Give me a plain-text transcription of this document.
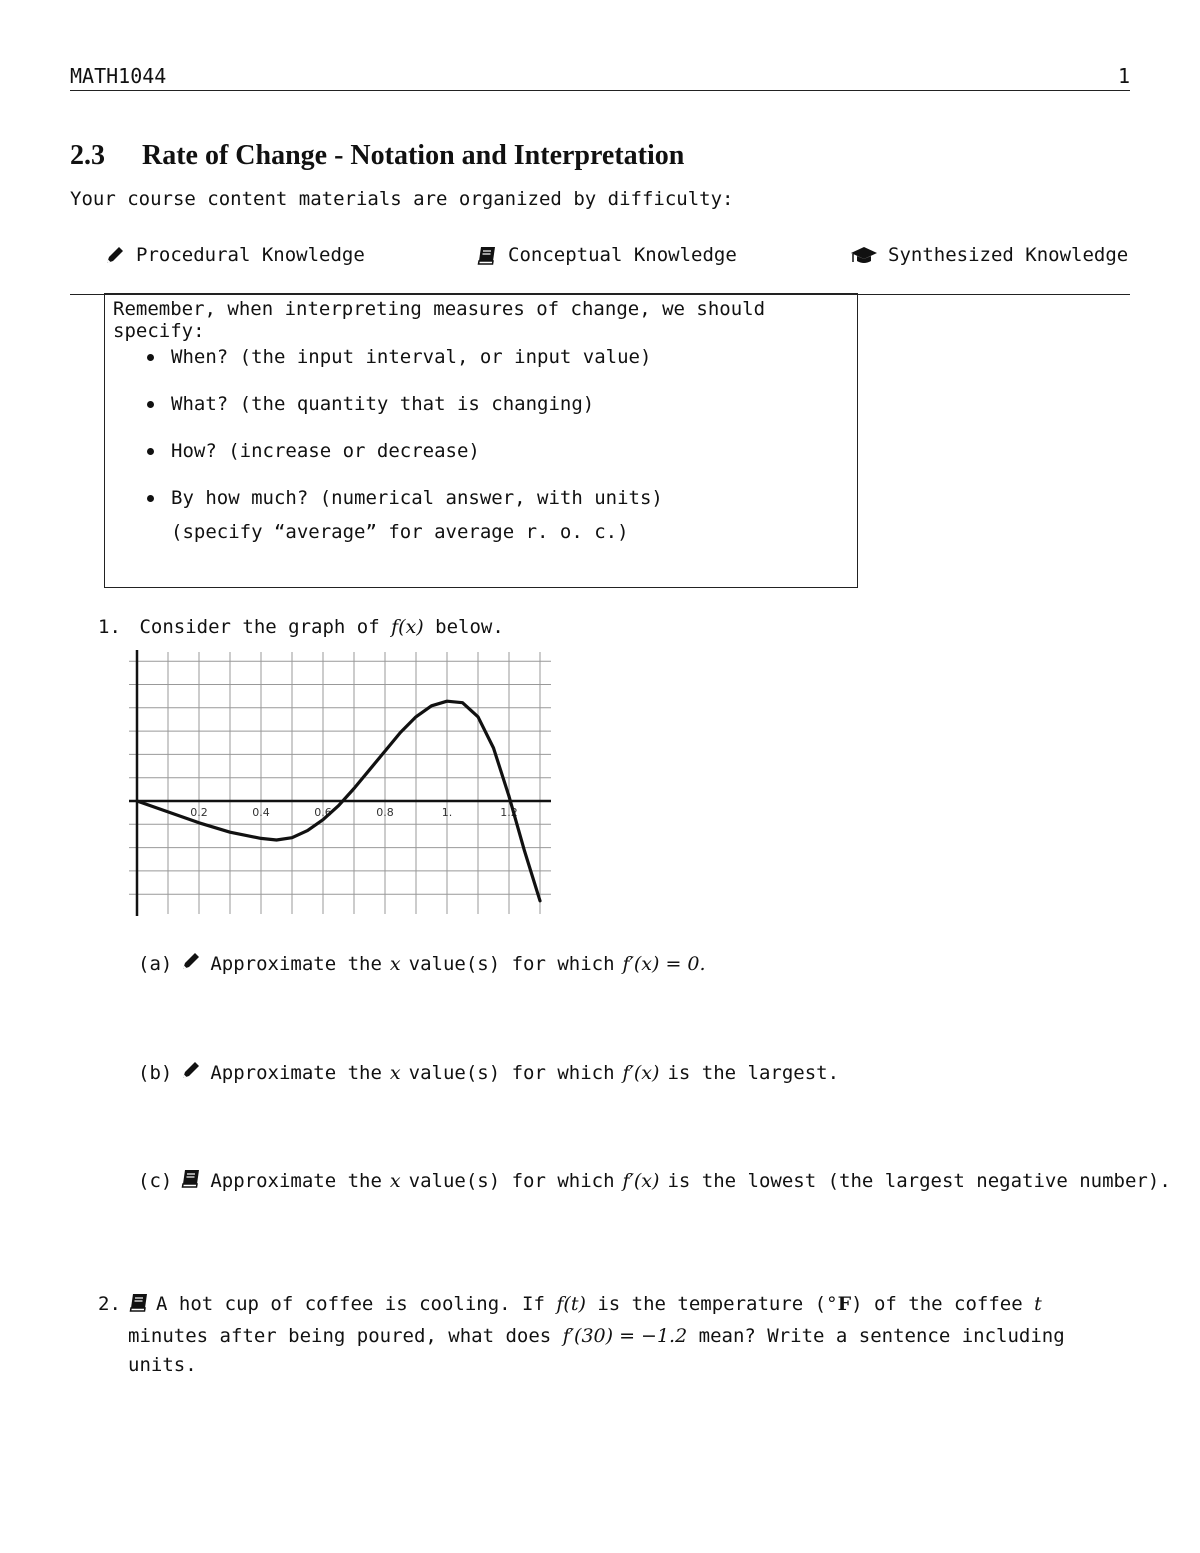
MATH1044	1
2.3 Rate of Change - Notation and Interpretation
Your course content materials are organized by difficulty:
Procedural Knowledge	Conceptual Knowledge	Synthesized Knowledge
Remember, when interpreting measures of change, we should specify:
When? (the input interval, or input value)
What? (the quantity that is changing)
How? (increase or decrease)
By how much? (numerical answer, with units)
(specify “average” for average r. o. c.)
1. Consider the graph of f(x) below.
0.2	0.4	0.6	0.8	1.	1.2
(a) Approximate the x value(s) for which f′(x) = 0.
(b) Approximate the x value(s) for which f′(x) is the largest.
(c) Approximate the x value(s) for which f′(x) is the lowest (the largest negative number).
2.	A hot cup of coffee is cooling. If f(t) is the temperature (°F) of the coffee t minutes after being poured, what does f′(30) = −1.2 mean? Write a sentence including units.
